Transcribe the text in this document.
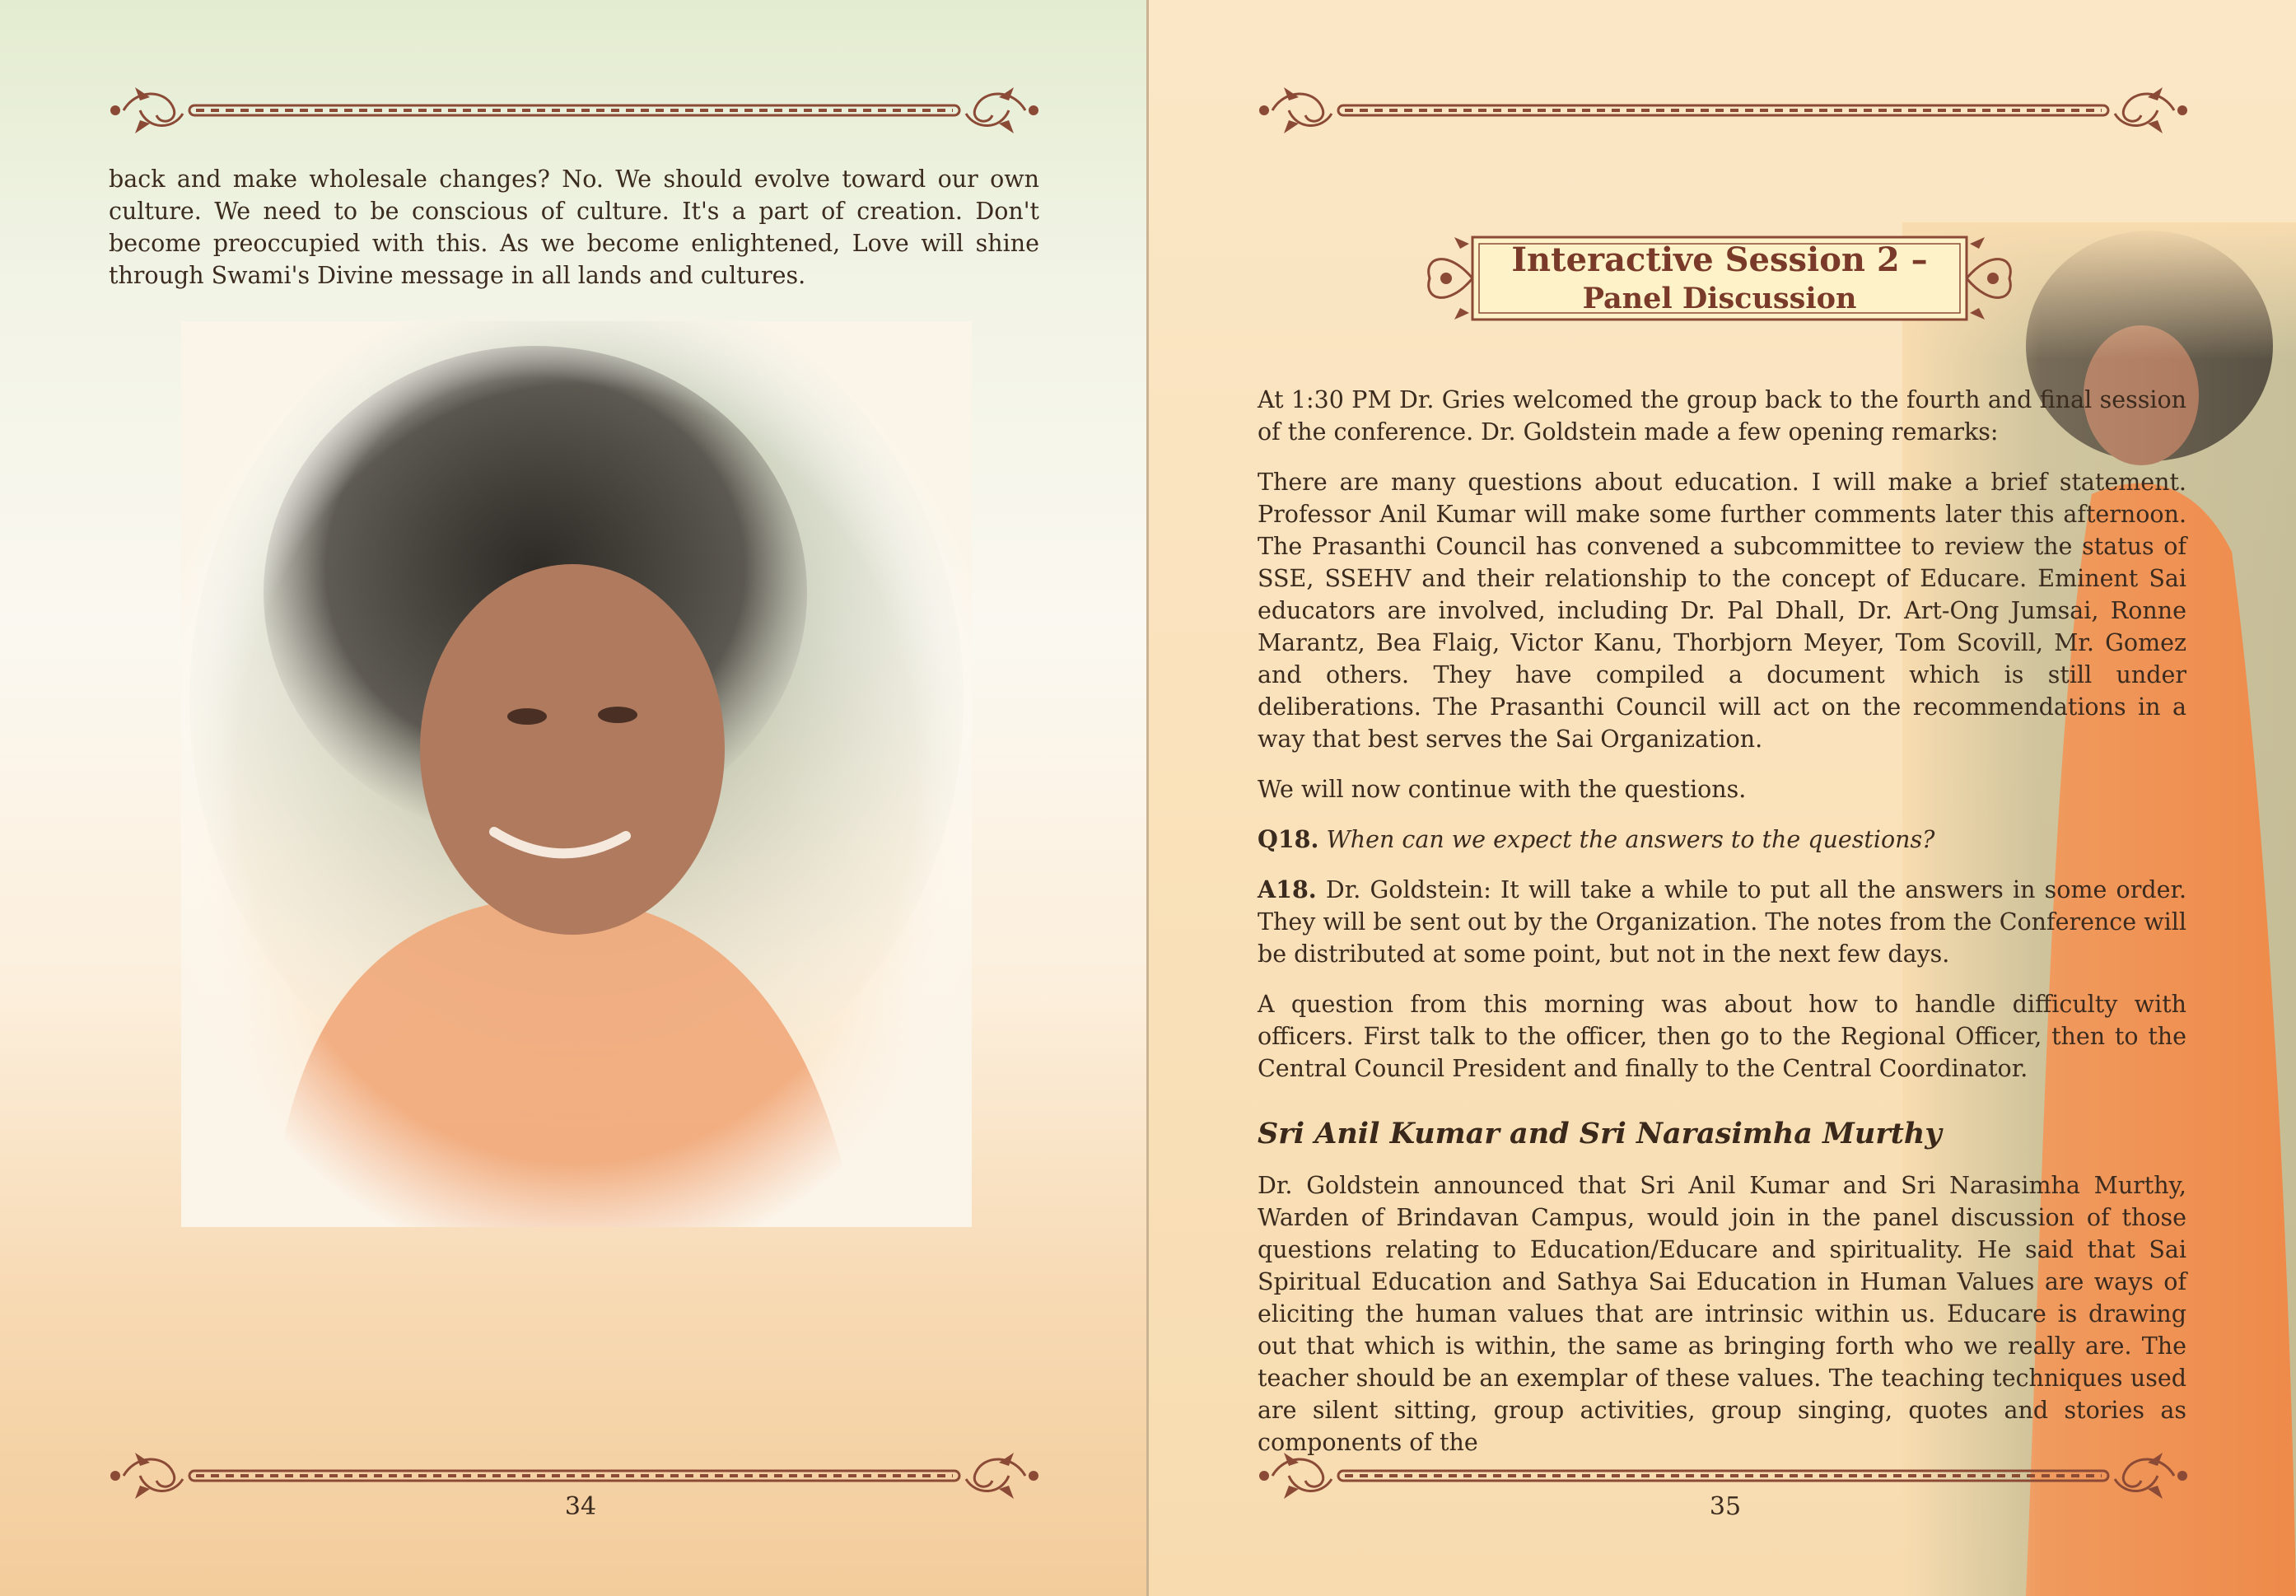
back and make wholesale changes? No. We should evolve toward our own culture. We need to be conscious of culture. It's a part of creation. Don't become preoccupied with this. As we become enlightened, Love will shine through Swami's Divine message in all lands and cultures.

34
Interactive Session 2 –
Panel Discussion

At 1:30 PM Dr. Gries welcomed the group back to the fourth and final session of the conference. Dr. Goldstein made a few opening remarks:

There are many questions about education. I will make a brief statement. Professor Anil Kumar will make some further comments later this afternoon. The Prasanthi Council has convened a subcommittee to review the status of SSE, SSEHV and their relationship to the concept of Educare. Eminent Sai educators are involved, including Dr. Pal Dhall, Dr. Art-Ong Jumsai, Ronne Marantz, Bea Flaig, Victor Kanu, Thorbjorn Meyer, Tom Scovill, Mr. Gomez and others. They have compiled a document which is still under deliberations. The Prasanthi Council will act on the recommendations in a way that best serves the Sai Organization.

We will now continue with the questions.

Q18. When can we expect the answers to the questions?

A18. Dr. Goldstein: It will take a while to put all the answers in some order. They will be sent out by the Organization. The notes from the Conference will be distributed at some point, but not in the next few days.

A question from this morning was about how to handle difficulty with officers. First talk to the officer, then go to the Regional Officer, then to the Central Council President and finally to the Central Coordinator.

Sri Anil Kumar and Sri Narasimha Murthy

Dr. Goldstein announced that Sri Anil Kumar and Sri Narasimha Murthy, Warden of Brindavan Campus, would join in the panel discussion of those questions relating to Education/Educare and spirituality. He said that Sai Spiritual Education and Sathya Sai Education in Human Values are ways of eliciting the human values that are intrinsic within us. Educare is drawing out that which is within, the same as bringing forth who we really are. The teacher should be an exemplar of these values. The teaching techniques used are silent sitting, group activities, group singing, quotes and stories as components of the

35
